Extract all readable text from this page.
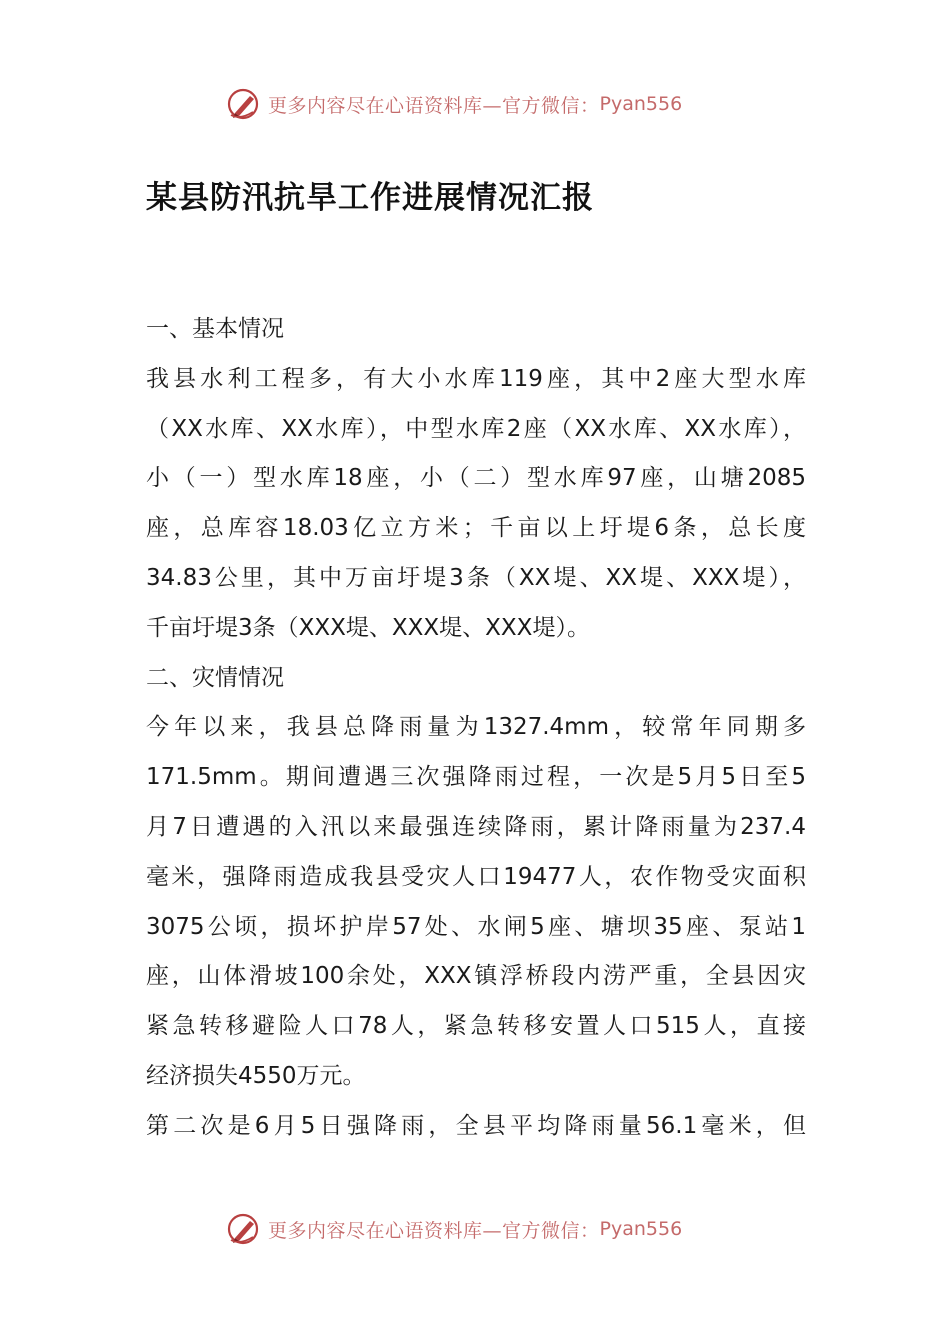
更多内容尽在心语资料库—官方微信： Pyan556
某县防汛抗旱工作进展情况汇报
一、基本情况
我县水利工程多，有大小水库119座，其中2座大型水库
（XX水库、XX水库），中型水库2座（XX水库、XX水库），
小（一）型水库18座，小（二）型水库97座，山塘2085
座，总库容18.03亿立方米；千亩以上圩堤6条，总长度
34.83公里，其中万亩圩堤3条（XX堤、XX堤、XXX堤），
千亩圩堤3条（XXX堤、XXX堤、XXX堤）。
二、灾情情况
今年以来，我县总降雨量为1327.4mm，较常年同期多
171.5mm。期间遭遇三次强降雨过程，一次是5月5日至5
月7日遭遇的入汛以来最强连续降雨，累计降雨量为237.4
毫米，强降雨造成我县受灾人口19477人，农作物受灾面积
3075公顷，损坏护岸57处、水闸5座、塘坝35座、泵站1
座，山体滑坡100余处，XXX镇浮桥段内涝严重，全县因灾
紧急转移避险人口78人，紧急转移安置人口515人，直接
经济损失4550万元。
第二次是6月5日强降雨，全县平均降雨量56.1毫米，但
更多内容尽在心语资料库—官方微信： Pyan556
